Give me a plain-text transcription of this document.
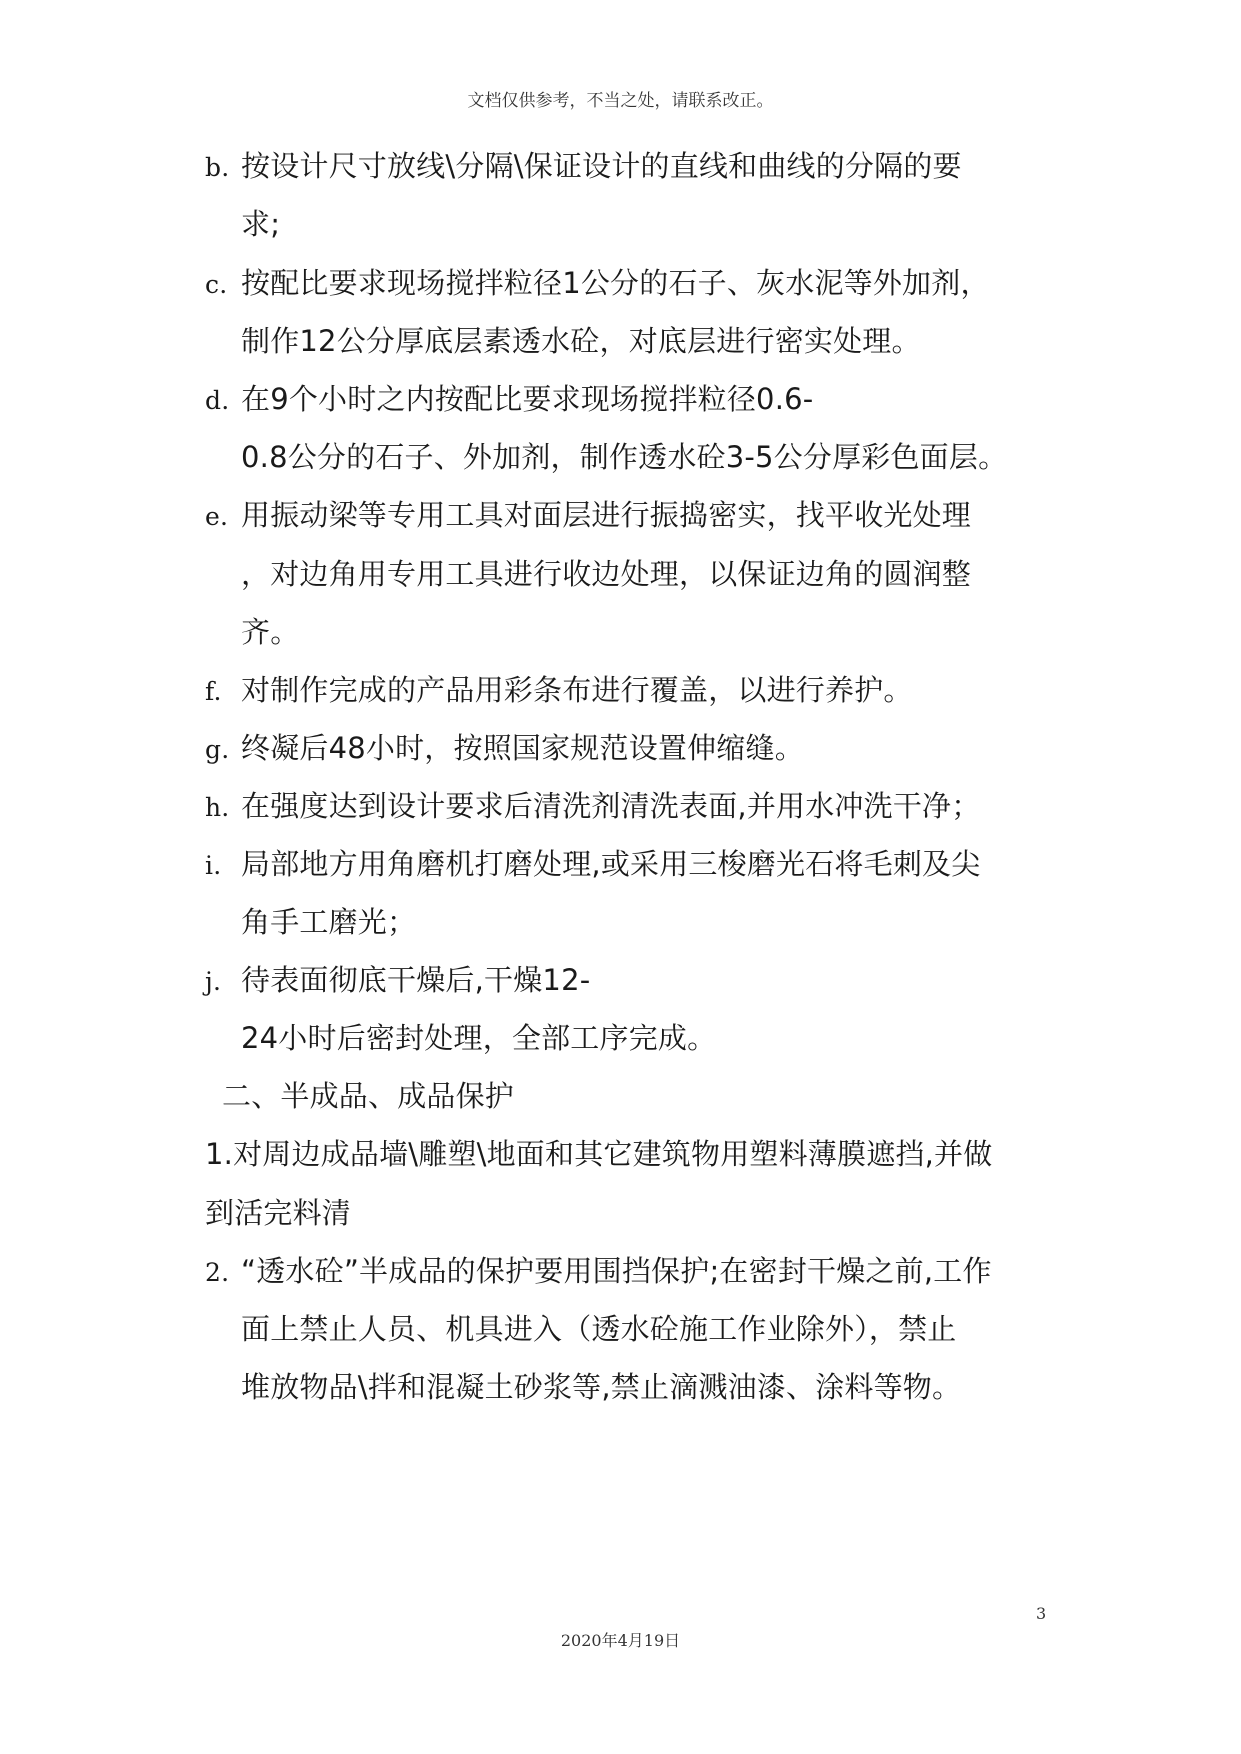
文档仅供参考，不当之处，请联系改正。
b. 按设计尺寸放线\分隔\保证设计的直线和曲线的分隔的要
求;
c. 按配比要求现场搅拌粒径1公分的石子、灰水泥等外加剂，
制作12公分厚底层素透水砼，对底层进行密实处理。
d. 在9个小时之内按配比要求现场搅拌粒径0.6-
0.8公分的石子、外加剂，制作透水砼3-5公分厚彩色面层。
e. 用振动梁等专用工具对面层进行振捣密实，找平收光处理
，对边角用专用工具进行收边处理，以保证边角的圆润整
齐。
f. 对制作完成的产品用彩条布进行覆盖，以进行养护。
g. 终凝后48小时，按照国家规范设置伸缩缝。
h. 在强度达到设计要求后清洗剂清洗表面,并用水冲洗干净；
i. 局部地方用角磨机打磨处理,或采用三梭磨光石将毛刺及尖
角手工磨光；
j. 待表面彻底干燥后,干燥12-
24小时后密封处理，全部工序完成。
二、半成品、成品保护
1.对周边成品墙\雕塑\地面和其它建筑物用塑料薄膜遮挡,并做
到活完料清
2. “透水砼”半成品的保护要用围挡保护;在密封干燥之前,工作
面上禁止人员、机具进入（透水砼施工作业除外），禁止
堆放物品\拌和混凝土砂浆等,禁止滴溅油漆、涂料等物。
3
2020年4月19日
